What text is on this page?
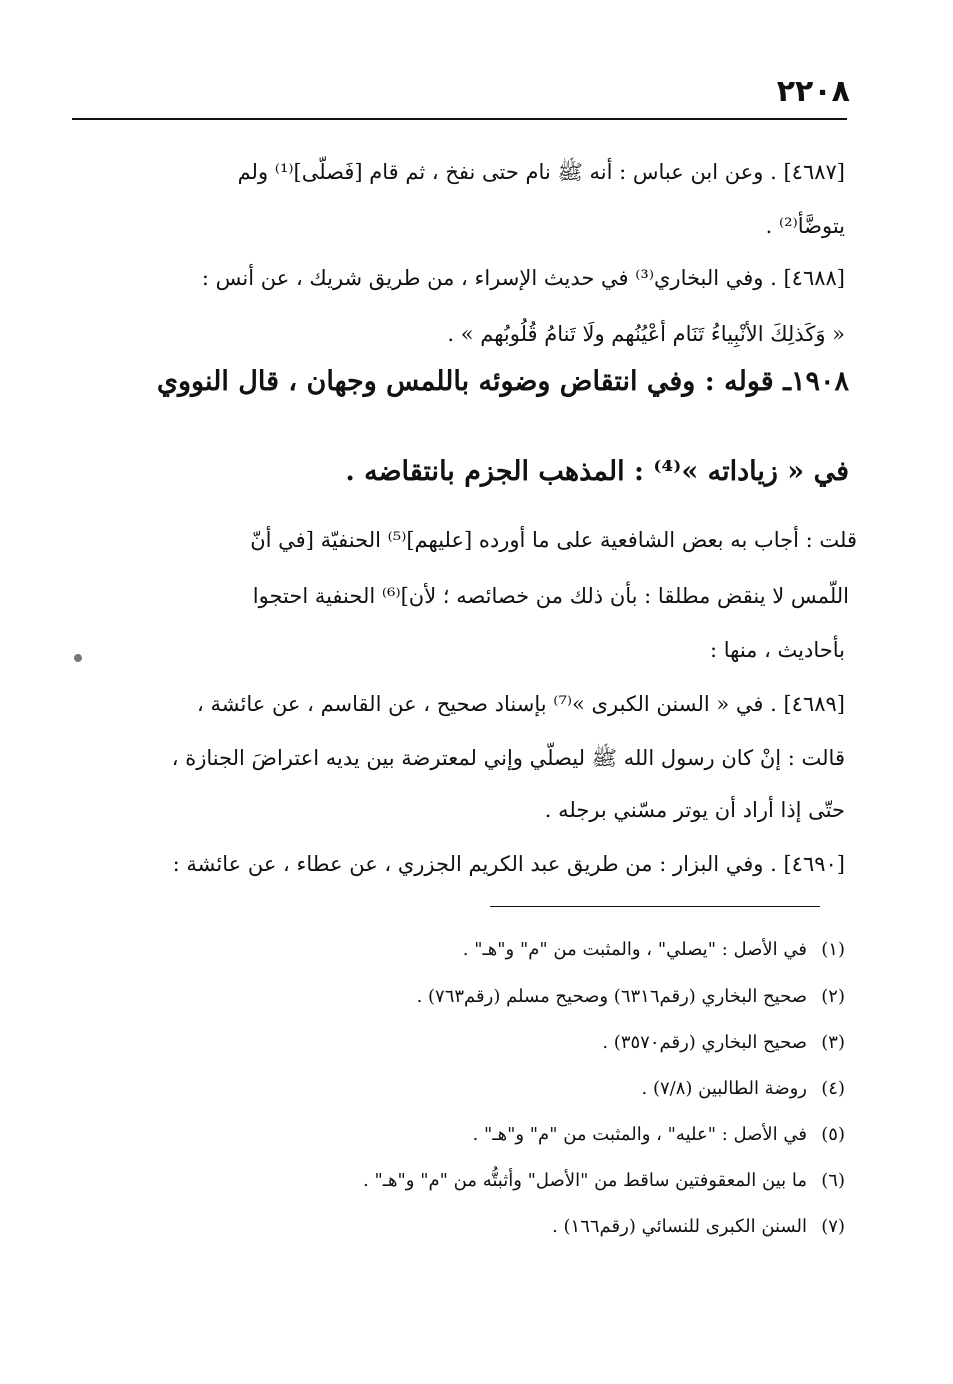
٢٢٠٨
[٤٦٨٧] . وعن ابن عباس : أنه ﷺ نام حتى نفخ ، ثم قام [فَصلّى]⁽¹⁾ ولم
يتوضَّأ⁽²⁾ .
[٤٦٨٨] . وفي البخاري⁽³⁾ في حديث الإسراء ، من طريق شريك ، عن أنس :
« وَكَذلِكَ الأنْبِياءُ تَنَام أعْيُنُهم ولَا تَنامُ قُلُوبُهم » .
١٩٠٨ـ قوله : وفي انتقاض وضوئه باللمس وجهان ، قال النووي
في « زياداته »⁽⁴⁾ : المذهب الجزم بانتقاضه .
قلت : أجاب به بعض الشافعية على ما أورده [عليهم]⁽⁵⁾ الحنفيّة [في أنّ
اللّمس لا ينقض مطلقا : بأن ذلك من خصائصه ؛ لأن]⁽⁶⁾ الحنفية احتجوا
بأحاديث ، منها :
[٤٦٨٩] . في « السنن الكبرى »⁽⁷⁾ بإسناد صحيح ، عن القاسم ، عن عائشة ،
قالت : إنْ كان رسول الله ﷺ ليصلّي وإني لمعترضة بين يديه اعتراضَ الجنازة ،
حتّى إذا أراد أن يوتر مسّني برجله .
[٤٦٩٠] . وفي البزار : من طريق عبد الكريم الجزري ، عن عطاء ، عن عائشة :
(١)في الأصل : "يصلي" ، والمثبت من "م" و"هـ" .
(٢)صحيح البخاري (رقم٦٣١٦) وصحيح مسلم (رقم٧٦٣) .
(٣)صحيح البخاري (رقم٣٥٧٠) .
(٤)روضة الطالبين (٧/٨) .
(٥)في الأصل : "عليه" ، والمثبت من "م" و"هـ" .
(٦)ما بين المعقوفتين ساقط من "الأصل" وأثبتُّه من "م" و"هـ" .
(٧)السنن الكبرى للنسائي (رقم١٦٦) .
